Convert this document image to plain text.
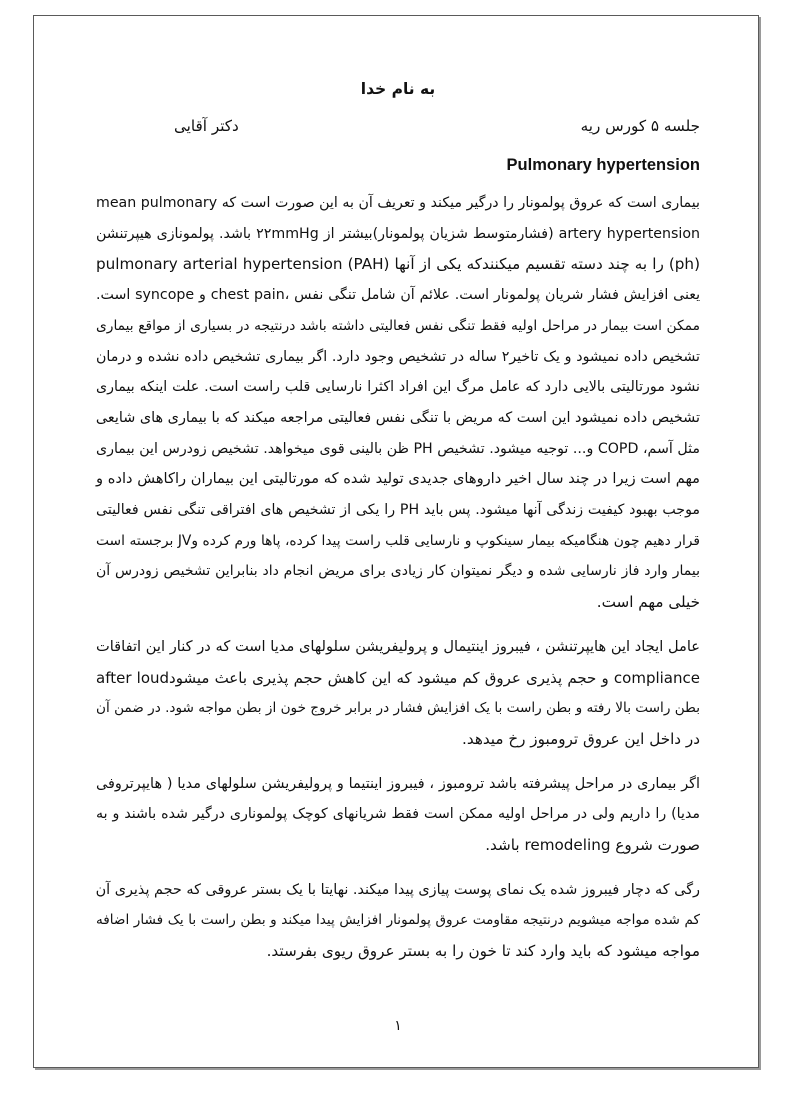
به نام خدا
جلسه ۵ کورس ریه
دکتر آقایی
Pulmonary hypertension
بیماری است که عروق پولمونار را درگیر میکند و تعریف آن به این صورت است که mean pulmonary
artery hypertension (فشارمتوسط شزیان پولمونار)بیشتر از ۲۲mmHg باشد. پولمونازی هیپرتنشن
(ph) را به چند دسته تقسیم میکنندکه یکی از آنها pulmonary arterial hypertension (PAH)
یعنی افزایش فشار شریان پولمونار است. علائم آن شامل تنگی نفس ،chest pain و syncope است.
ممکن است بیمار در مراحل اولیه فقط تنگی نفس فعالیتی داشته باشد درنتیجه در بسیاری از مواقع بیماری
تشخیص داده نمیشود و یک تاخیر۲ ساله در تشخیص وجود دارد. اگر بیماری تشخیص داده نشده و درمان
نشود مورتالیتی بالایی دارد که عامل مرگ این افراد اکثرا نارسایی قلب راست است. علت اینکه بیماری
تشخیص داده نمیشود این است که مریض با تنگی نفس فعالیتی مراجعه میکند که با بیماری های شایعی
مثل آسم، COPD و... توجیه میشود. تشخیص PH ظن بالینی قوی میخواهد. تشخیص زودرس این بیماری
مهم است زیرا در چند سال اخیر داروهای جدیدی تولید شده که مورتالیتی این بیماران راکاهش داده و
موجب بهبود کیفیت زندگی آنها میشود. پس باید PH را یکی از تشخیص های افتراقی تنگی نفس فعالیتی
قرار دهیم چون هنگامیکه بیمار سینکوپ و نارسایی قلب راست پیدا کرده، پاها ورم کرده وJV برجسته است
بیمار وارد فاز نارسایی شده و دیگر نمیتوان کار زیادی برای مریض انجام داد بنابراین تشخیص زودرس آن
خیلی مهم است.
عامل ایجاد این هایپرتنشن ، فیبروز اینتیمال و پرولیفریشن سلولهای مدیا است که در کنار این اتفاقات
compliance و حجم پذیری عروق کم میشود که این کاهش حجم پذیری باعث میشودafter loud
بطن راست بالا رفته و بطن راست با یک افزایش فشار در برابر خروج خون از بطن مواجه شود. در ضمن آن
در داخل این عروق ترومبوز رخ میدهد.
اگر بیماری در مراحل پیشرفته باشد ترومبوز ، فیبروز اینتیما و پرولیفریشن سلولهای مدیا ( هایپرتروفی
مدیا) را داریم ولی در مراحل اولیه ممکن است فقط شریانهای کوچک پولموناری درگیر شده باشند و به
صورت شروع remodeling باشد.
رگی که دچار فیبروز شده یک نمای پوست پیازی پیدا میکند. نهایتا با یک بستر عروقی که حجم پذیری آن
کم شده مواجه میشویم درنتیجه مقاومت عروق پولمونار افزایش پیدا میکند و بطن راست با یک فشار اضافه
مواجه میشود که باید وارد کند تا خون را به بستر عروق ریوی بفرستد.
۱
